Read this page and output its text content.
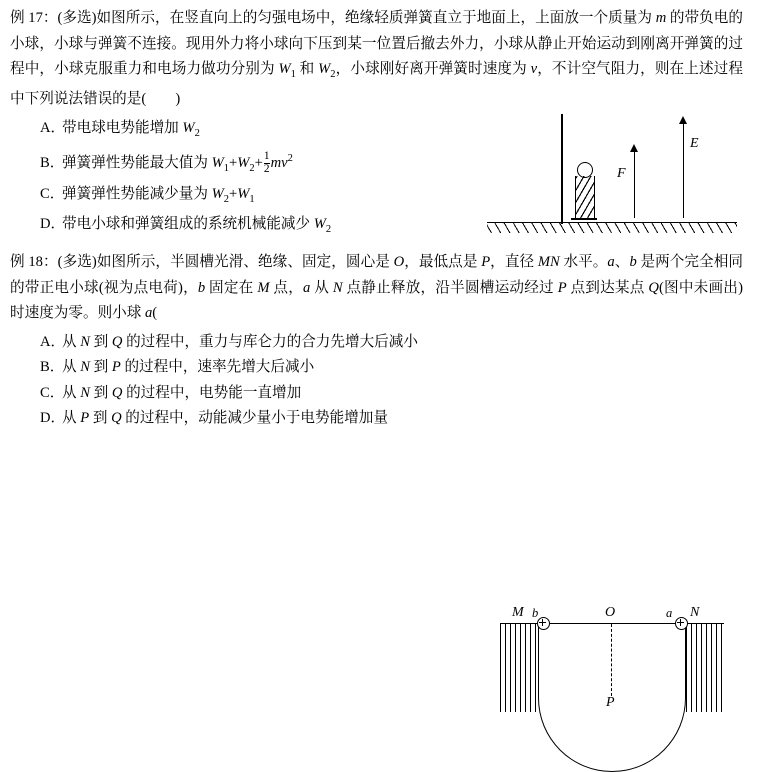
例 17：(多选)如图所示，在竖直向上的匀强电场中，绝缘轻质弹簧直立于地面上，上面放一个质量为 m 的带负电的小球，小球与弹簧不连接。现用外力将小球向下压到某一位置后撤去外力，小球从静止开始运动到刚离开弹簧的过程中，小球克服重力和电场力做功分别为 $W_1$ 和 $W_2$，小球刚好离开弹簧时速度为 v，不计空气阻力，则在上述过程中下列说法错误的是(　　)
A．带电球电势能增加 $W_2$
B．弹簧弹性势能最大值为 $W_1+W_2+ \frac{1}{2} mv^2$
C．弹簧弹性势能减少量为 $W_2+W_1$
D．带电小球和弹簧组成的系统机械能减少 $W_2$
E
F
例 18：(多选)如图所示，半圆槽光滑、绝缘、固定，圆心是 O，最低点是 P，直径 MN 水平。a、b 是两个完全相同的带正电小球(视为点电荷)，b 固定在 M 点，a 从 N 点静止释放，沿半圆槽运动经过 P 点到达某点 Q(图中未画出)时速度为零。则小球 a(
A．从 N 到 Q 的过程中，重力与库仑力的合力先增大后减小
B．从 N 到 P 的过程中，速率先增大后减小
C．从 N 到 Q 的过程中，电势能一直增加
D．从 P 到 Q 的过程中，动能减少量小于电势能增加量
M b	O	a N
P
